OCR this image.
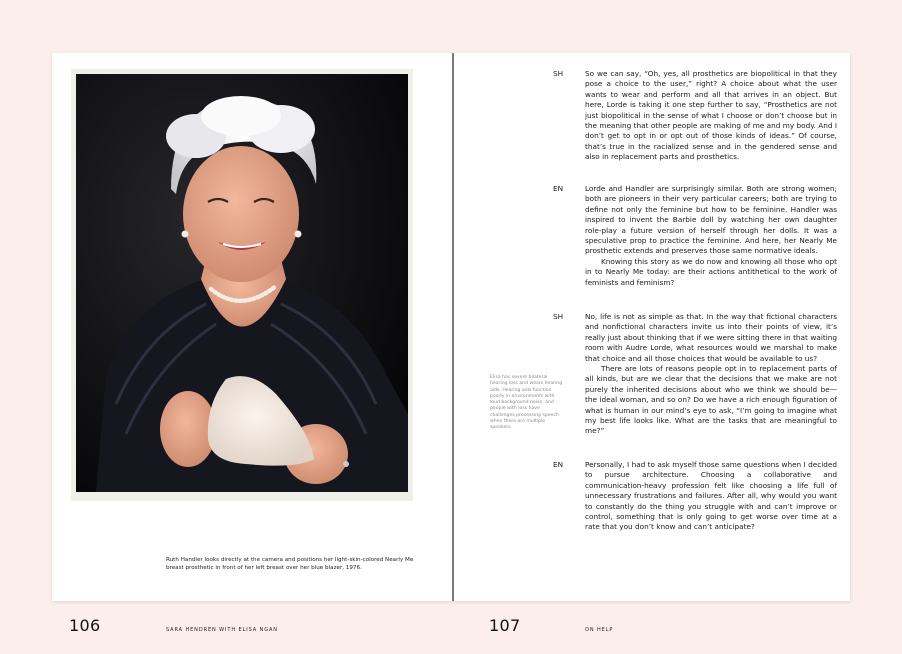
Ruth Handler looks directly at the camera and positions her light-skin-colored Nearly Me breast prosthetic in front of her left breast over her blue blazer, 1976.
106	SARA HENDREN WITH ELISA NGAN
SH	So we can say, “Oh, yes, all prosthetics are biopolitical in that they pose a choice to the user,” right? A choice about what the user wants to wear and perform and all that arrives in an object. But here, Lorde is taking it one step further to say, “Prosthetics are not just biopolitical in the sense of what I choose or don’t choose but in the meaning that other people are making of me and my body. And I don’t get to opt in or opt out of those kinds of ideas.” Of course, that’s true in the racialized sense and in the gendered sense and also in replacement parts and prosthetics.

EN	Lorde and Handler are surprisingly similar. Both are strong women; both are pioneers in their very particular careers; both are trying to define not only the feminine but how to be feminine. Handler was inspired to invent the Barbie doll by watching her own daughter role-play a future version of herself through her dolls. It was a speculative prop to practice the feminine. And here, her Nearly Me prosthetic extends and preserves those same normative ideals.

Knowing this story as we do now and knowing all those who opt in to Nearly Me today: are their actions antithetical to the work of feminists and feminism?

SH	No, life is not as simple as that. In the way that fictional characters and nonfictional characters invite us into their points of view, it’s really just about thinking that if we were sitting there in that waiting room with Audre Lorde, what resources would we marshal to make that choice and all those choices that would be available to us?

There are lots of reasons people opt in to replacement parts of all kinds, but are we clear that the decisions that we make are not purely the inherited decisions about who we think we should be—the ideal woman, and so on? Do we have a rich enough figuration of what is human in our mind’s eye to ask, “I’m going to imagine what my best life looks like. What are the tasks that are meaningful to me?”

Elisa has severe bilateral hearing loss and wears hearing aids. Hearing aids function poorly in environments with loud background noise, and people with loss have challenges processing speech when there are multiple speakers.
EN	Personally, I had to ask myself those same questions when I decided to pursue architecture. Choosing a collaborative and communication-heavy profession felt like choosing a life full of unnecessary frustrations and failures. After all, why would you want to constantly do the thing you struggle with and can’t improve or control, something that is only going to get worse over time at a rate that you don’t know and can’t anticipate?

107	ON HELP
